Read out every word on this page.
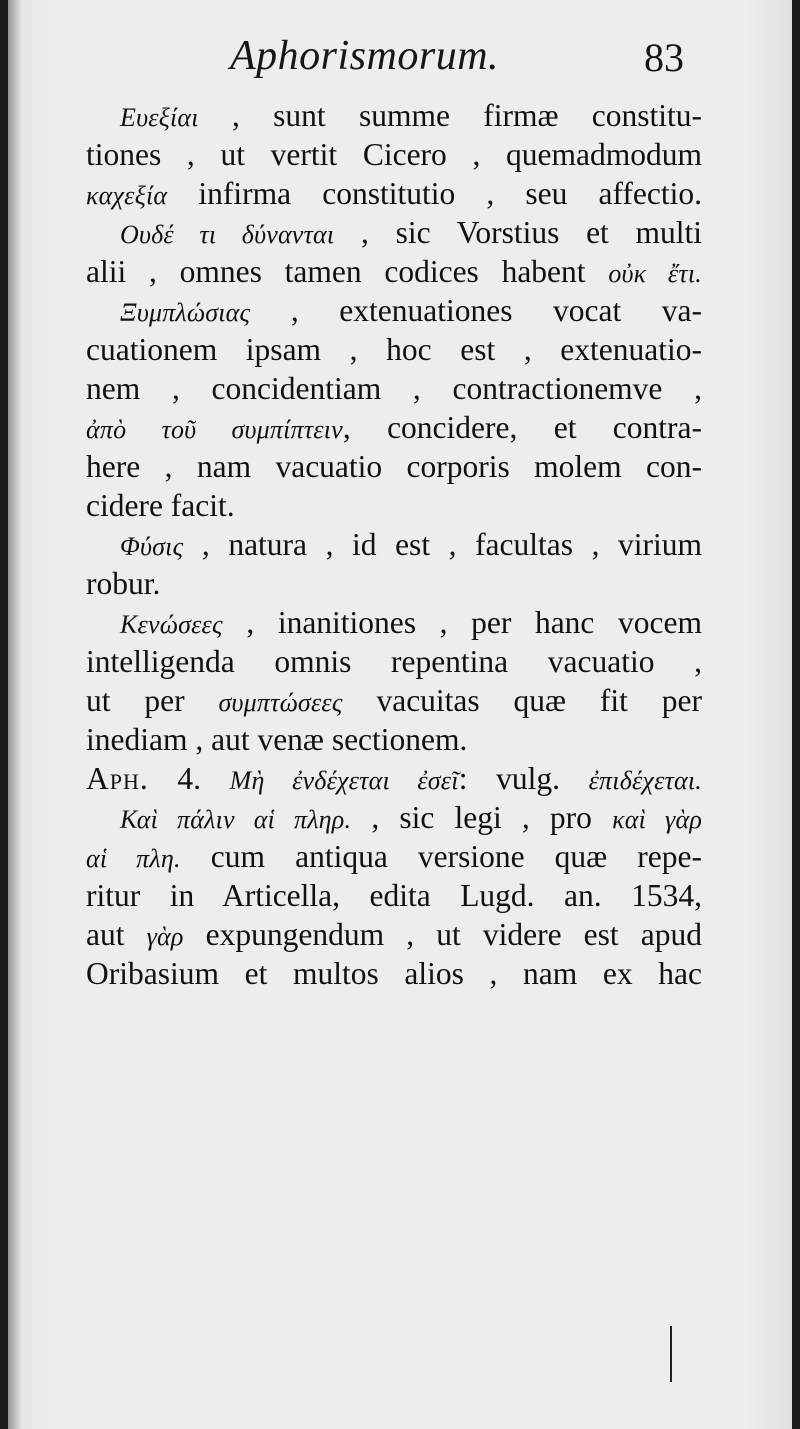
Aphorismorum.	83
Ευεξίαι , sunt summe firmæ constitu-
tiones , ut vertit Cicero , quemadmodum
καχεξία infirma constitutio , seu affectio.
Ουδέ τι δύνανται , sic Vorstius et multi
alii , omnes tamen codices habent οὐκ ἔτι.
Ξυμπλώσιας , extenuationes vocat va-
cuationem ipsam , hoc est , extenuatio-
nem , concidentiam , contractionemve ,
ἀπὸ τοῦ συμπίπτειν, concidere, et contra-
here , nam vacuatio corporis molem con-
cidere facit.
Φύσις , natura , id est , facultas , virium
robur.
Κενώσεες , inanitiones , per hanc vocem
intelligenda omnis repentina vacuatio ,
ut per συμπτώσεες vacuitas quæ fit per
inediam , aut venæ sectionem.
Aph. 4. Μὴ ἐνδέχεται ἐσεῖ: vulg. ἐπιδέχεται.
Καὶ πάλιν αἱ πληρ. , sic legi , pro καὶ γὰρ
αἱ πλη. cum antiqua versione quæ repe-
ritur in Articella, edita Lugd. an. 1534,
aut γὰρ expungendum , ut videre est apud
Oribasium et multos alios , nam ex hac
